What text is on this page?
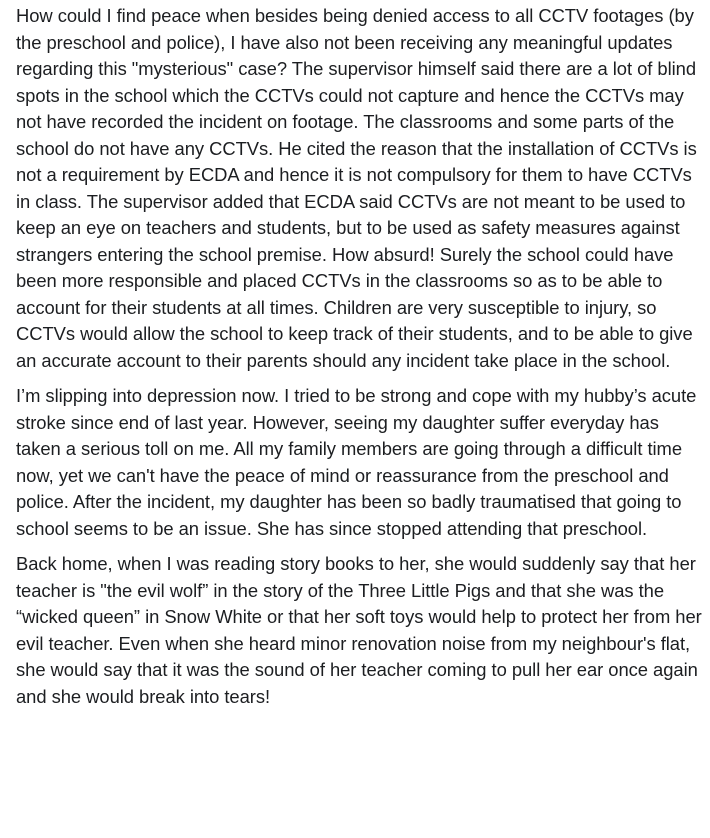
How could I find peace when besides being denied access to all CCTV footages (by the preschool and police), I have also not been receiving any meaningful updates regarding this "mysterious" case? The supervisor himself said there are a lot of blind spots in the school which the CCTVs could not capture and hence the CCTVs may not have recorded the incident on footage. The classrooms and some parts of the school do not have any CCTVs. He cited the reason that the installation of CCTVs is not a requirement by ECDA and hence it is not compulsory for them to have CCTVs in class. The supervisor added that ECDA said CCTVs are not meant to be used to keep an eye on teachers and students, but to be used as safety measures against strangers entering the school premise. How absurd! Surely the school could have been more responsible and placed CCTVs in the classrooms so as to be able to account for their students at all times. Children are very susceptible to injury, so CCTVs would allow the school to keep track of their students, and to be able to give an accurate account to their parents should any incident take place in the school.

I’m slipping into depression now. I tried to be strong and cope with my hubby’s acute stroke since end of last year. However, seeing my daughter suffer everyday has taken a serious toll on me. All my family members are going through a difficult time now, yet we can't have the peace of mind or reassurance from the preschool and police. After the incident, my daughter has been so badly traumatised that going to school seems to be an issue. She has since stopped attending that preschool.

Back home, when I was reading story books to her, she would suddenly say that her teacher is "the evil wolf” in the story of the Three Little Pigs and that she was the “wicked queen” in Snow White or that her soft toys would help to protect her from her evil teacher. Even when she heard minor renovation noise from my neighbour's flat, she would say that it was the sound of her teacher coming to pull her ear once again and she would break into tears!
